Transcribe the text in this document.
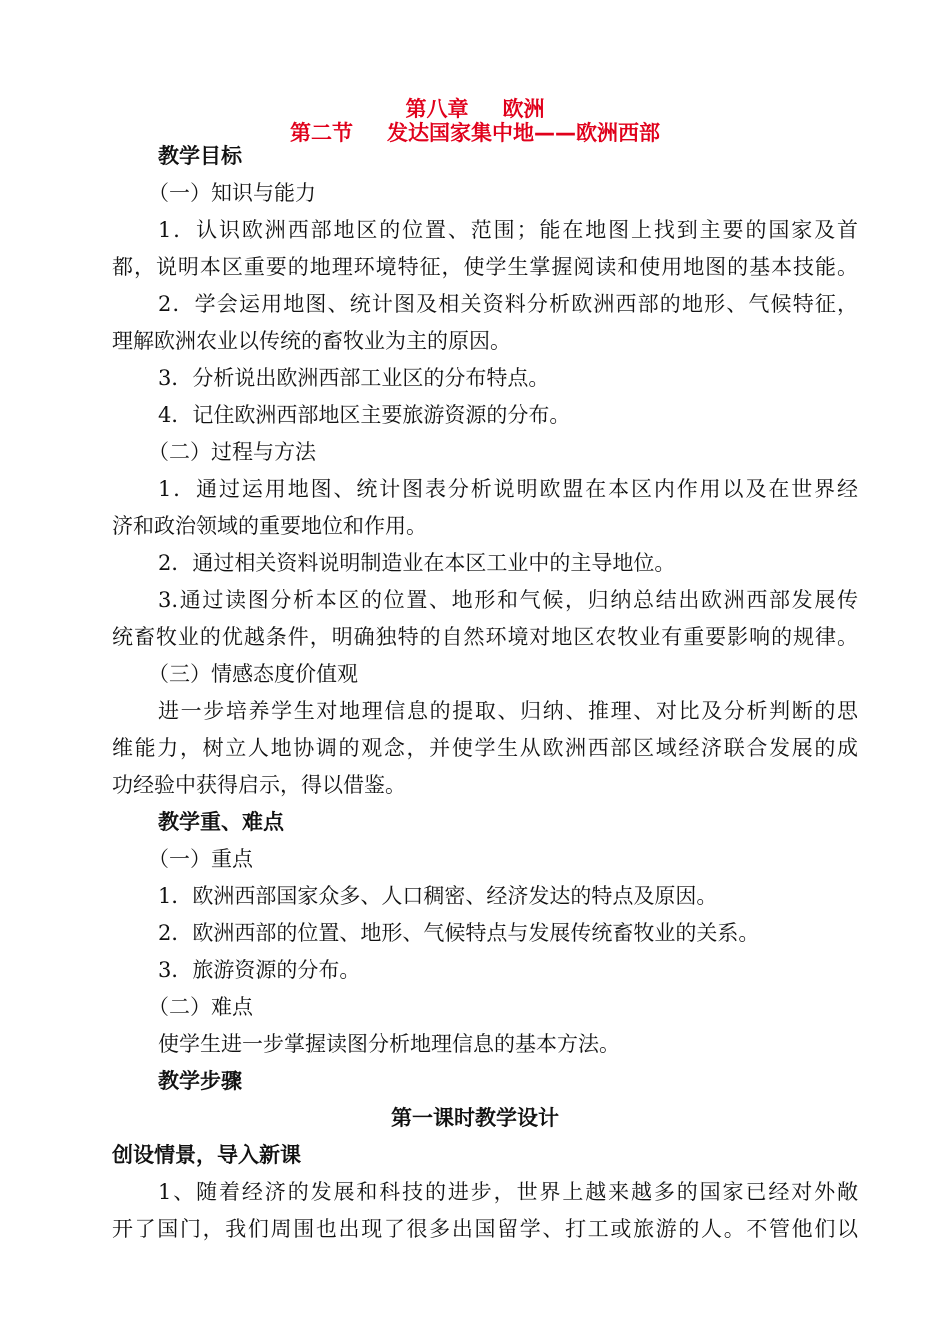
第八章 欧洲
第二节 发达国家集中地——欧洲西部
教学目标
（一）知识与能力
1．认识欧洲西部地区的位置、范围；能在地图上找到主要的国家及首
都，说明本区重要的地理环境特征，使学生掌握阅读和使用地图的基本技能。
2．学会运用地图、统计图及相关资料分析欧洲西部的地形、气候特征，
理解欧洲农业以传统的畜牧业为主的原因。
3．分析说出欧洲西部工业区的分布特点。
4．记住欧洲西部地区主要旅游资源的分布。
（二）过程与方法
1．通过运用地图、统计图表分析说明欧盟在本区内作用以及在世界经
济和政治领域的重要地位和作用。
2．通过相关资料说明制造业在本区工业中的主导地位。
3.通过读图分析本区的位置、地形和气候，归纳总结出欧洲西部发展传
统畜牧业的优越条件，明确独特的自然环境对地区农牧业有重要影响的规律。
（三）情感态度价值观
进一步培养学生对地理信息的提取、归纳、推理、对比及分析判断的思
维能力，树立人地协调的观念，并使学生从欧洲西部区域经济联合发展的成
功经验中获得启示，得以借鉴。
教学重、难点
（一）重点
1．欧洲西部国家众多、人口稠密、经济发达的特点及原因。
2．欧洲西部的位置、地形、气候特点与发展传统畜牧业的关系。
3．旅游资源的分布。
（二）难点
使学生进一步掌握读图分析地理信息的基本方法。
教学步骤
第一课时教学设计
创设情景，导入新课
1、随着经济的发展和科技的进步，世界上越来越多的国家已经对外敞
开了国门，我们周围也出现了很多出国留学、打工或旅游的人。不管他们以
